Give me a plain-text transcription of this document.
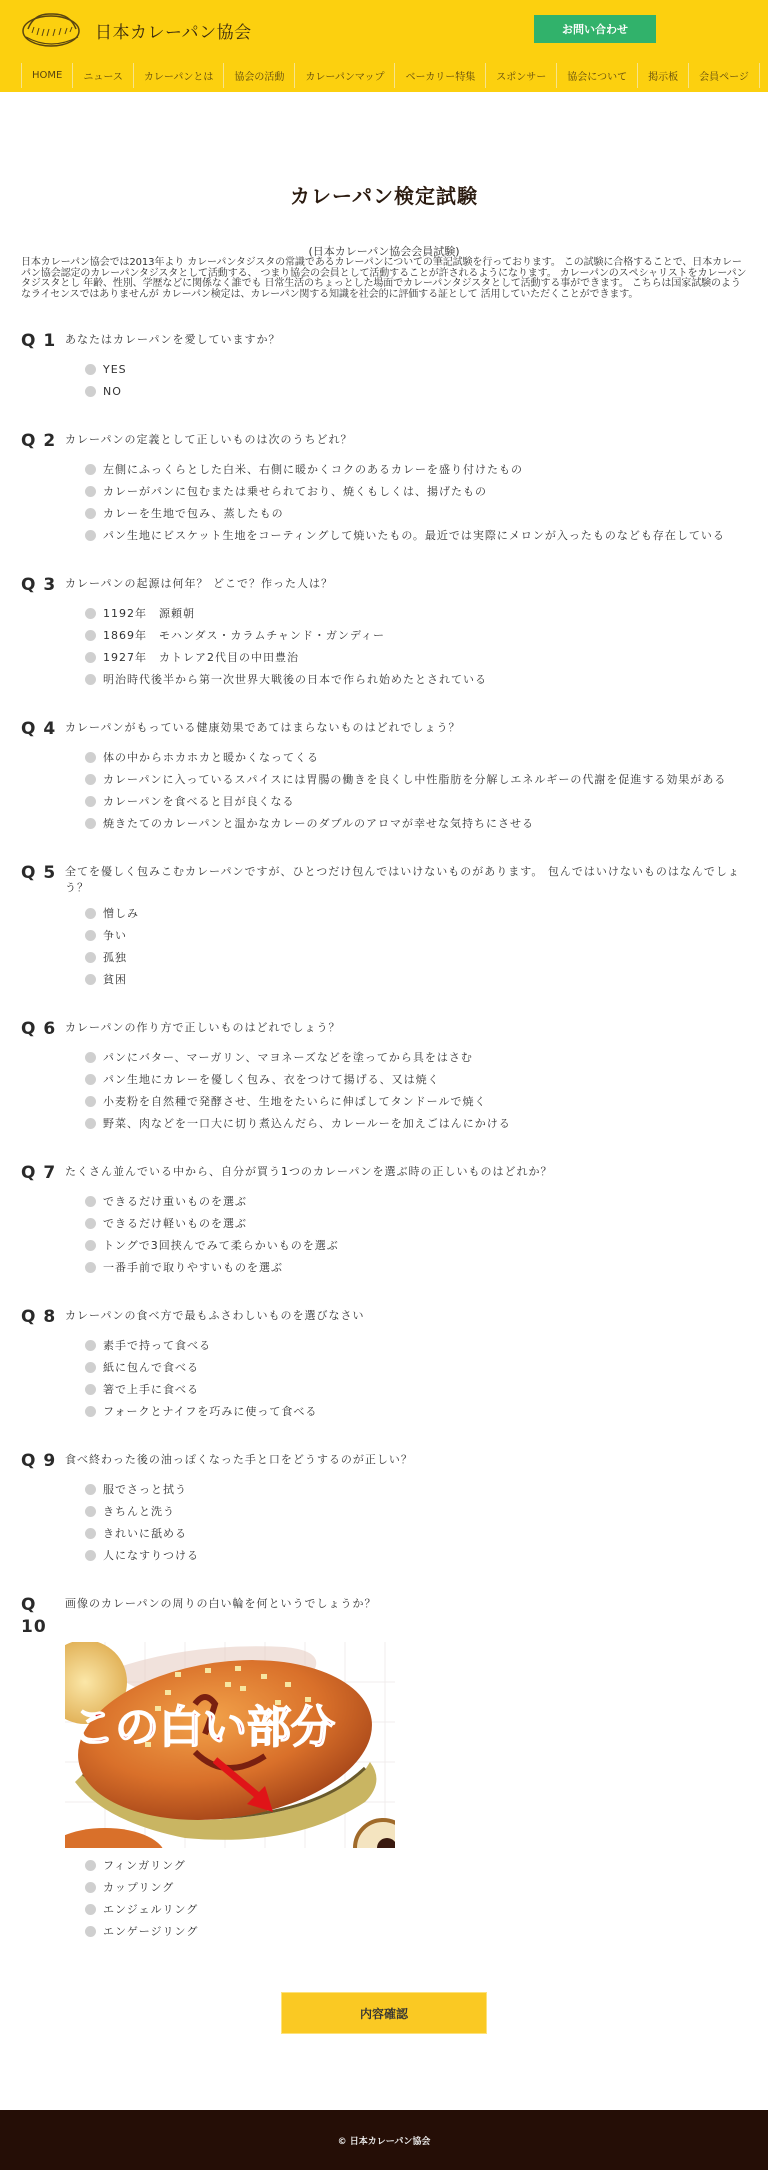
日本カレーパン協会	お問い合わせ
HOME	ニュース	カレーパンとは	協会の活動	カレーパンマップ	ベーカリー特集	スポンサー	協会について	掲示板	会員ページ
カレーパン検定試験
(日本カレーパン協会会員試験)

日本カレーパン協会では2013年より カレーパンタジスタの常識であるカレーパンについての筆記試験を行っております。 この試験に合格することで、日本カレーパン協会認定のカレーパンタジスタとして活動する、 つまり協会の会員として活動することが許されるようになります。 カレーパンのスペシャリストをカレーパンタジスタとし 年齢、性別、学歴などに関係なく誰でも 日常生活のちょっとした場面でカレーパンタジスタとして活動する事ができます。 こちらは国家試験のようなライセンスではありませんが カレーパン検定は、カレーパン関する知識を社会的に評価する証として 活用していただくことができます。

Q 1 あなたはカレーパンを愛していますか？
YES
NO
Q 2 カレーパンの定義として正しいものは次のうちどれ？
左側にふっくらとした白米、右側に暖かくコクのあるカレーを盛り付けたもの
カレーがパンに包むまたは乗せられており、焼くもしくは、揚げたもの
カレーを生地で包み、蒸したもの
パン生地にビスケット生地をコーティングして焼いたもの。最近では実際にメロンが入ったものなども存在している
Q 3 カレーパンの起源は何年？ どこで？作った人は？
1192年　源頼朝
1869年　モハンダス・カラムチャンド・ガンディー
1927年　カトレア2代目の中田豊治
明治時代後半から第一次世界大戦後の日本で作られ始めたとされている
Q 4 カレーパンがもっている健康効果であてはまらないものはどれでしょう？
体の中からホカホカと暖かくなってくる
カレーパンに入っているスパイスには胃腸の働きを良くし中性脂肪を分解しエネルギーの代謝を促進する効果がある
カレーパンを食べると目が良くなる
焼きたてのカレーパンと温かなカレーのダブルのアロマが幸せな気持ちにさせる
Q 5 全てを優しく包みこむカレーパンですが、ひとつだけ包んではいけないものがあります。 包んではいけないものはなんでしょう？
憎しみ
争い
孤独
貧困
Q 6 カレーパンの作り方で正しいものはどれでしょう？
パンにバター、マーガリン、マヨネーズなどを塗ってから具をはさむ
パン生地にカレーを優しく包み、衣をつけて揚げる、又は焼く
小麦粉を自然種で発酵させ、生地をたいらに伸ばしてタンドールで焼く
野菜、肉などを一口大に切り煮込んだら、カレールーを加えごはんにかける
Q 7 たくさん並んでいる中から、自分が買う1つのカレーパンを選ぶ時の正しいものはどれか？
できるだけ重いものを選ぶ
できるだけ軽いものを選ぶ
トングで3回挟んでみて柔らかいものを選ぶ
一番手前で取りやすいものを選ぶ
Q 8 カレーパンの食べ方で最もふさわしいものを選びなさい
素手で持って食べる
紙に包んで食べる
箸で上手に食べる
フォークとナイフを巧みに使って食べる
Q 9 食べ終わった後の油っぽくなった手と口をどうするのが正しい？
服でさっと拭う
きちんと洗う
きれいに舐める
人になすりつける
Q 10
画像のカレーパンの周りの白い輪を何というでしょうか？
この白い部分
フィンガリング
カップリング
エンジェルリング
エンゲージリング
内容確認
© 日本カレーパン協会
